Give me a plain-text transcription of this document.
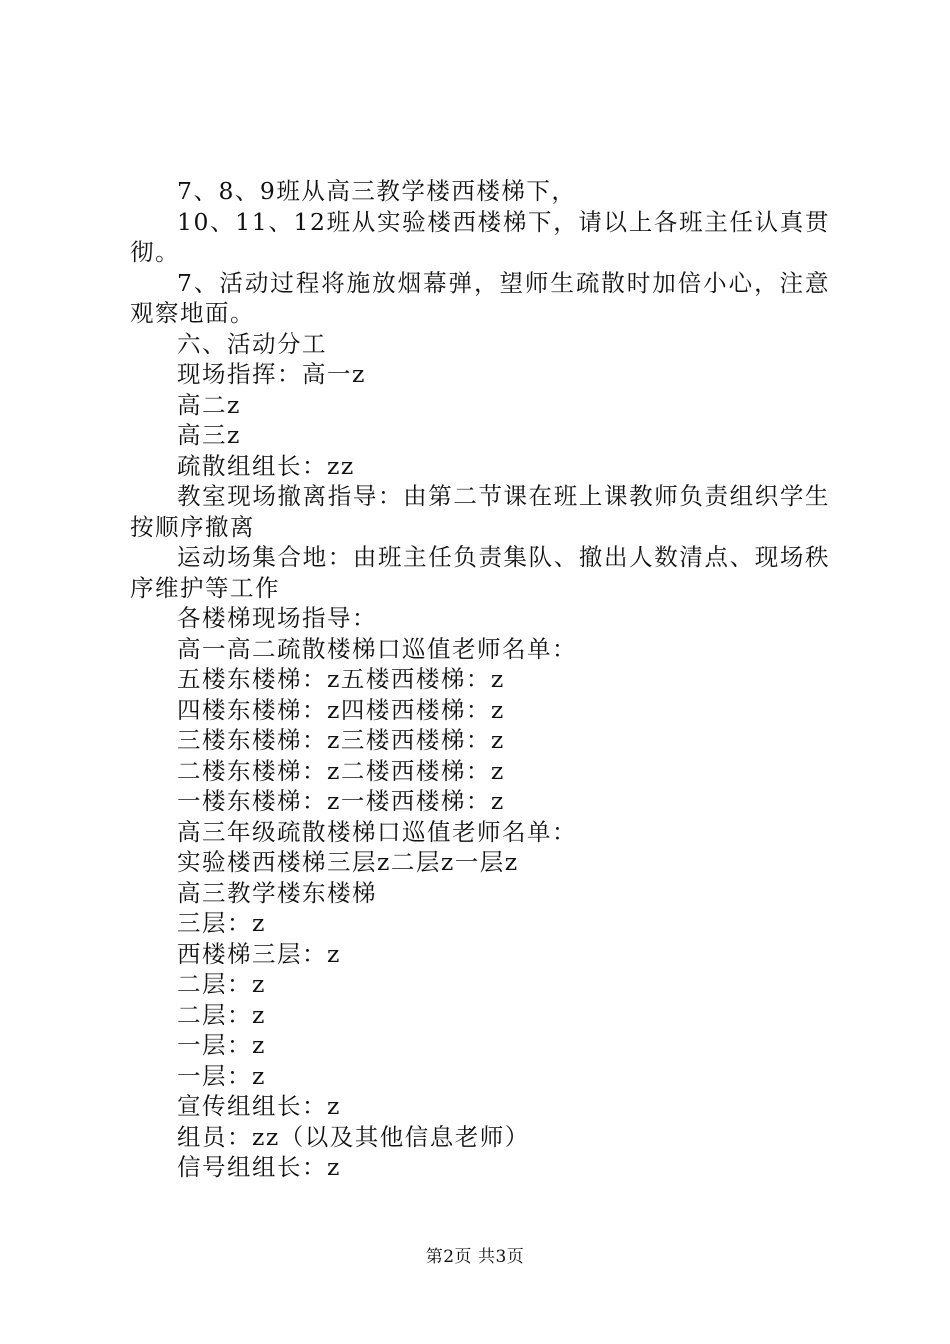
7、8、9班从高三教学楼西楼梯下，

10、11、12班从实验楼西楼梯下，请以上各班主任认真贯彻。

7、活动过程将施放烟幕弹，望师生疏散时加倍小心，注意观察地面。

六、活动分工

现场指挥：高一z

高二z

高三z

疏散组组长：zz

教室现场撤离指导：由第二节课在班上课教师负责组织学生按顺序撤离

运动场集合地：由班主任负责集队、撤出人数清点、现场秩序维护等工作

各楼梯现场指导：

高一高二疏散楼梯口巡值老师名单：

五楼东楼梯：z五楼西楼梯：z

四楼东楼梯：z四楼西楼梯：z

三楼东楼梯：z三楼西楼梯：z

二楼东楼梯：z二楼西楼梯：z

一楼东楼梯：z一楼西楼梯：z

高三年级疏散楼梯口巡值老师名单：

实验楼西楼梯三层z二层z一层z

高三教学楼东楼梯

三层：z

西楼梯三层：z

二层：z

二层：z

一层：z

一层：z

宣传组组长：z

组员：zz（以及其他信息老师）

信号组组长：z

第2页 共3页
